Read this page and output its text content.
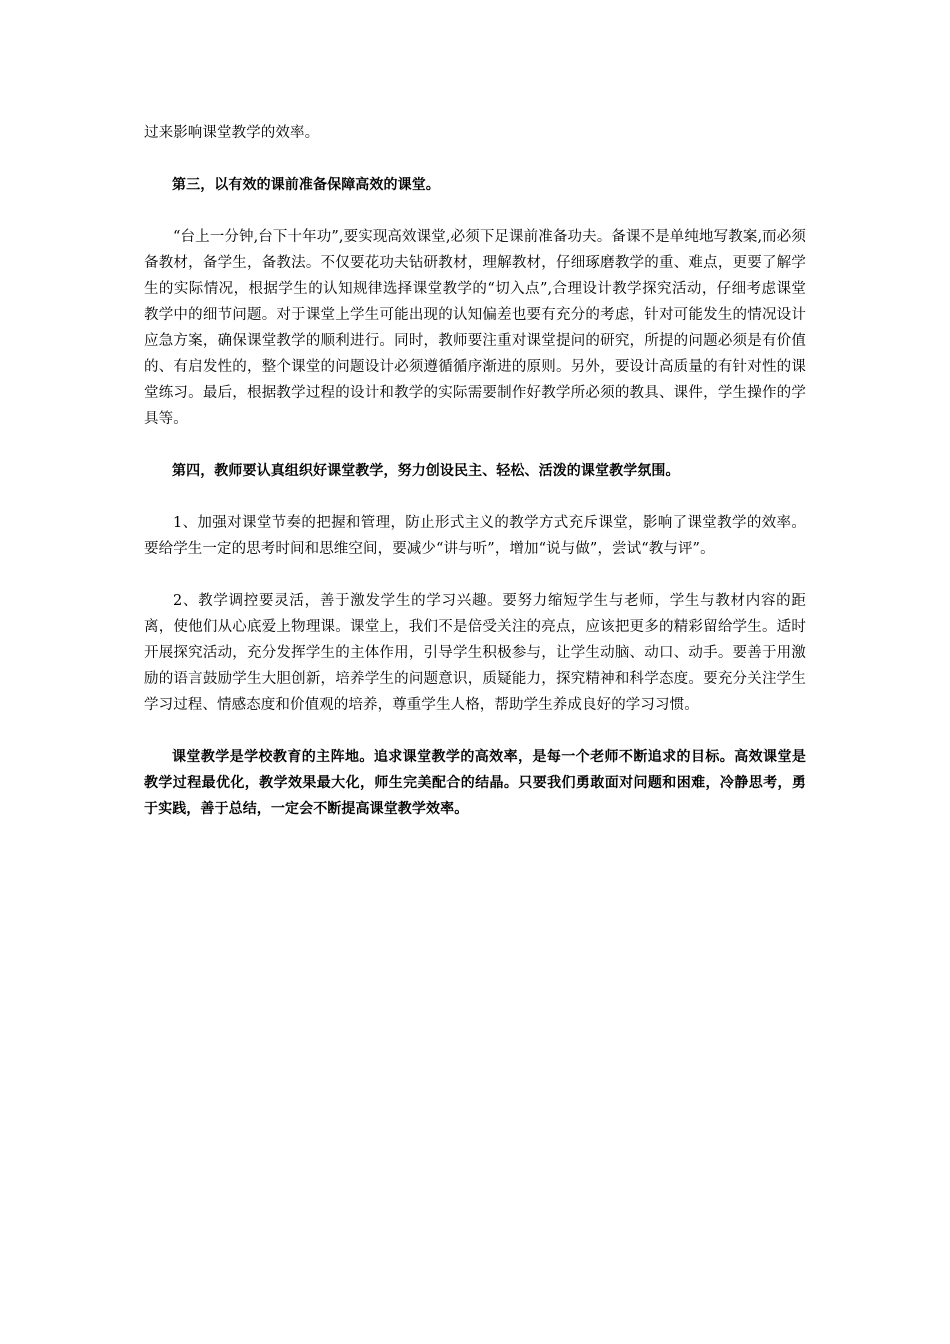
过来影响课堂教学的效率。

第三，以有效的课前准备保障高效的课堂。

“台上一分钟,台下十年功”,要实现高效课堂,必须下足课前准备功夫。备课不是单纯地写教案,而必须备教材，备学生，备教法。不仅要花功夫钻研教材，理解教材，仔细琢磨教学的重、难点，更要了解学生的实际情况，根据学生的认知规律选择课堂教学的“切入点”,合理设计教学探究活动，仔细考虑课堂教学中的细节问题。对于课堂上学生可能出现的认知偏差也要有充分的考虑，针对可能发生的情况设计应急方案，确保课堂教学的顺利进行。同时，教师要注重对课堂提问的研究，所提的问题必须是有价值的、有启发性的，整个课堂的问题设计必须遵循循序渐进的原则。另外，要设计高质量的有针对性的课堂练习。最后，根据教学过程的设计和教学的实际需要制作好教学所必须的教具、课件，学生操作的学具等。

第四，教师要认真组织好课堂教学，努力创设民主、轻松、活泼的课堂教学氛围。

1、加强对课堂节奏的把握和管理，防止形式主义的教学方式充斥课堂，影响了课堂教学的效率。要给学生一定的思考时间和思维空间，要减少“讲与听”，增加“说与做”，尝试“教与评”。

2、教学调控要灵活，善于激发学生的学习兴趣。要努力缩短学生与老师，学生与教材内容的距离，使他们从心底爱上物理课。课堂上，我们不是倍受关注的亮点，应该把更多的精彩留给学生。适时开展探究活动，充分发挥学生的主体作用，引导学生积极参与，让学生动脑、动口、动手。要善于用激励的语言鼓励学生大胆创新，培养学生的问题意识，质疑能力，探究精神和科学态度。要充分关注学生学习过程、情感态度和价值观的培养，尊重学生人格，帮助学生养成良好的学习习惯。

课堂教学是学校教育的主阵地。追求课堂教学的高效率，是每一个老师不断追求的目标。高效课堂是教学过程最优化，教学效果最大化，师生完美配合的结晶。只要我们勇敢面对问题和困难，冷静思考，勇于实践，善于总结，一定会不断提高课堂教学效率。
